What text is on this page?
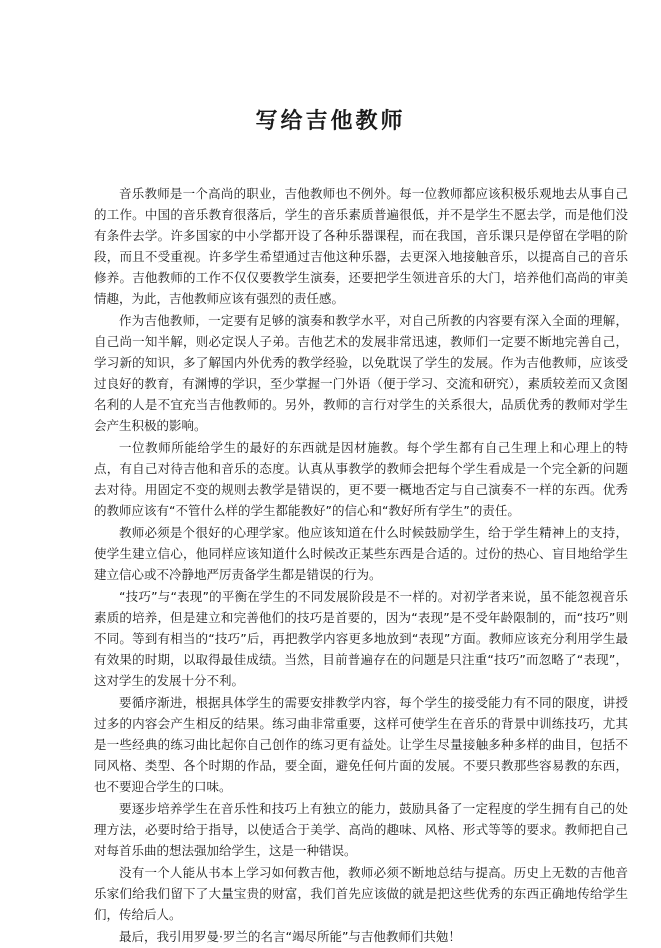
写给吉他教师

音乐教师是一个高尚的职业，吉他教师也不例外。每一位教师都应该积极乐观地去从事自己的工作。中国的音乐教育很落后，学生的音乐素质普遍很低，并不是学生不愿去学，而是他们没有条件去学。许多国家的中小学都开设了各种乐器课程，而在我国，音乐课只是停留在学唱的阶段，而且不受重视。许多学生希望通过吉他这种乐器，去更深入地接触音乐，以提高自己的音乐修养。吉他教师的工作不仅仅要教学生演奏，还要把学生领进音乐的大门，培养他们高尚的审美情趣，为此，吉他教师应该有强烈的责任感。

作为吉他教师，一定要有足够的演奏和教学水平，对自己所教的内容要有深入全面的理解，自己尚一知半解，则必定误人子弟。吉他艺术的发展非常迅速，教师们一定要不断地完善自己，学习新的知识，多了解国内外优秀的教学经验，以免耽误了学生的发展。作为吉他教师，应该受过良好的教育，有渊博的学识，至少掌握一门外语（便于学习、交流和研究），素质较差而又贪图名利的人是不宜充当吉他教师的。另外，教师的言行对学生的关系很大，品质优秀的教师对学生会产生积极的影响。

一位教师所能给学生的最好的东西就是因材施教。每个学生都有自己生理上和心理上的特点，有自己对待吉他和音乐的态度。认真从事教学的教师会把每个学生看成是一个完全新的问题去对待。用固定不变的规则去教学是错误的，更不要一概地否定与自己演奏不一样的东西。优秀的教师应该有“不管什么样的学生都能教好”的信心和“教好所有学生”的责任。

教师必须是个很好的心理学家。他应该知道在什么时候鼓励学生，给于学生精神上的支持，使学生建立信心，他同样应该知道什么时候改正某些东西是合适的。过份的热心、盲目地给学生建立信心或不冷静地严厉责备学生都是错误的行为。

“技巧”与“表现”的平衡在学生的不同发展阶段是不一样的。对初学者来说，虽不能忽视音乐素质的培养，但是建立和完善他们的技巧是首要的，因为“表现”是不受年龄限制的，而“技巧”则不同。等到有相当的“技巧”后，再把教学内容更多地放到“表现”方面。教师应该充分利用学生最有效果的时期，以取得最佳成绩。当然，目前普遍存在的问题是只注重“技巧”而忽略了“表现”，这对学生的发展十分不利。

要循序渐进，根据具体学生的需要安排教学内容，每个学生的接受能力有不同的限度，讲授过多的内容会产生相反的结果。练习曲非常重要，这样可使学生在音乐的背景中训练技巧，尤其是一些经典的练习曲比起你自己创作的练习更有益处。让学生尽量接触多种多样的曲目，包括不同风格、类型、各个时期的作品，要全面，避免任何片面的发展。不要只教那些容易教的东西，也不要迎合学生的口味。

要逐步培养学生在音乐性和技巧上有独立的能力，鼓励具备了一定程度的学生拥有自己的处理方法，必要时给于指导，以使适合于美学、高尚的趣味、风格、形式等等的要求。教师把自己对每首乐曲的想法强加给学生，这是一种错误。

没有一个人能从书本上学习如何教吉他，教师必须不断地总结与提高。历史上无数的吉他音乐家们给我们留下了大量宝贵的财富，我们首先应该做的就是把这些优秀的东西正确地传给学生们，传给后人。

最后，我引用罗曼·罗兰的名言“竭尽所能”与吉他教师们共勉！
